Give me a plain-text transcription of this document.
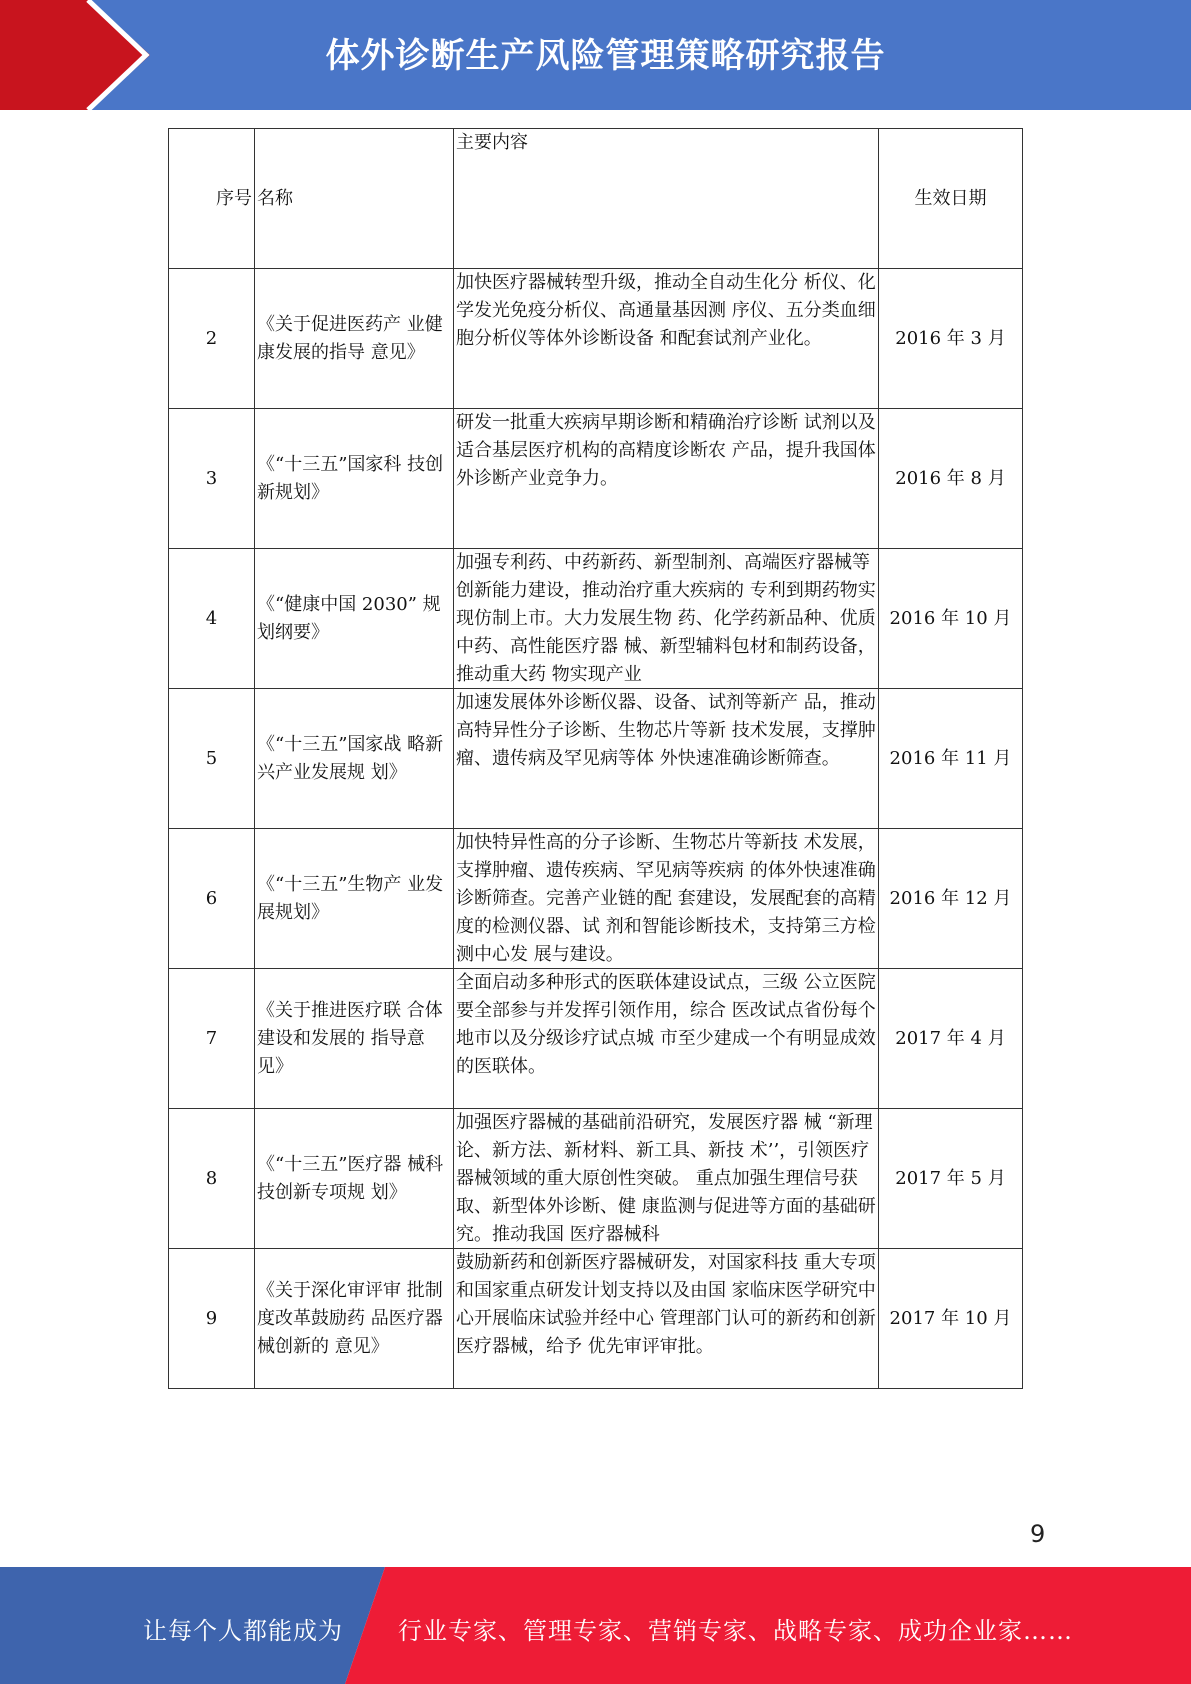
体外诊断生产风险管理策略研究报告
序号	名称	主要内容	生效日期
2	《关于促进医药产 业健康发展的指导 意见》	加快医疗器械转型升级，推动全自动生化分 析仪、化学发光免疫分析仪、高通量基因测 序仪、五分类血细胞分析仪等体外诊断设备 和配套试剂产业化。	2016 年 3 月
3	《“十三五”国家科 技创新规划》	研发一批重大疾病早期诊断和精确治疗诊断 试剂以及适合基层医疗机构的高精度诊断农 产品，提升我国体外诊断产业竞争力。	2016 年 8 月
4	《“健康中国 2030” 规划纲要》	加强专利药、中药新药、新型制剂、高端医疗器械等创新能力建设，推动治疗重大疾病的 专利到期药物实现仿制上市。大力发展生物 药、化学药新品种、优质中药、高性能医疗器 械、新型辅料包材和制药设备，推动重大药 物实现产业	2016 年 10 月
5	《“十三五”国家战 略新兴产业发展规 划》	加速发展体外诊断仪器、设备、试剂等新产 品，推动高特异性分子诊断、生物芯片等新 技术发展，支撑肿瘤、遗传病及罕见病等体 外快速准确诊断筛查。	2016 年 11 月
6	《“十三五”生物产 业发展规划》	加快特异性高的分子诊断、生物芯片等新技 术发展，支撑肿瘤、遗传疾病、罕见病等疾病 的体外快速准确诊断筛查。完善产业链的配 套建设，发展配套的高精度的检测仪器、试 剂和智能诊断技术，支持第三方检测中心发 展与建设。	2016 年 12 月
7	《关于推进医疗联 合体建设和发展的 指导意见》	全面启动多种形式的医联体建设试点，三级 公立医院要全部参与并发挥引领作用，综合 医改试点省份每个地市以及分级诊疗试点城 市至少建成一个有明显成效的医联体。	2017 年 4 月
8	《“十三五”医疗器 械科技创新专项规 划》	加强医疗器械的基础前沿研究，发展医疗器 械 “新理论、新方法、新材料、新工具、新技 术’’，引领医疗器械领域的重大原创性突破。 重点加强生理信号获取、新型体外诊断、健 康监测与促进等方面的基础研究。推动我国 医疗器械科	2017 年 5 月
9	《关于深化审评审 批制度改革鼓励药 品医疗器械创新的 意见》	鼓励新药和创新医疗器械研发，对国家科技 重大专项和国家重点研发计划支持以及由国 家临床医学研究中心开展临床试验并经中心 管理部门认可的新药和创新医疗器械，给予 优先审评审批。	2017 年 10 月
9
让每个人都能成为 行业专家、管理专家、营销专家、战略专家、成功企业家……
